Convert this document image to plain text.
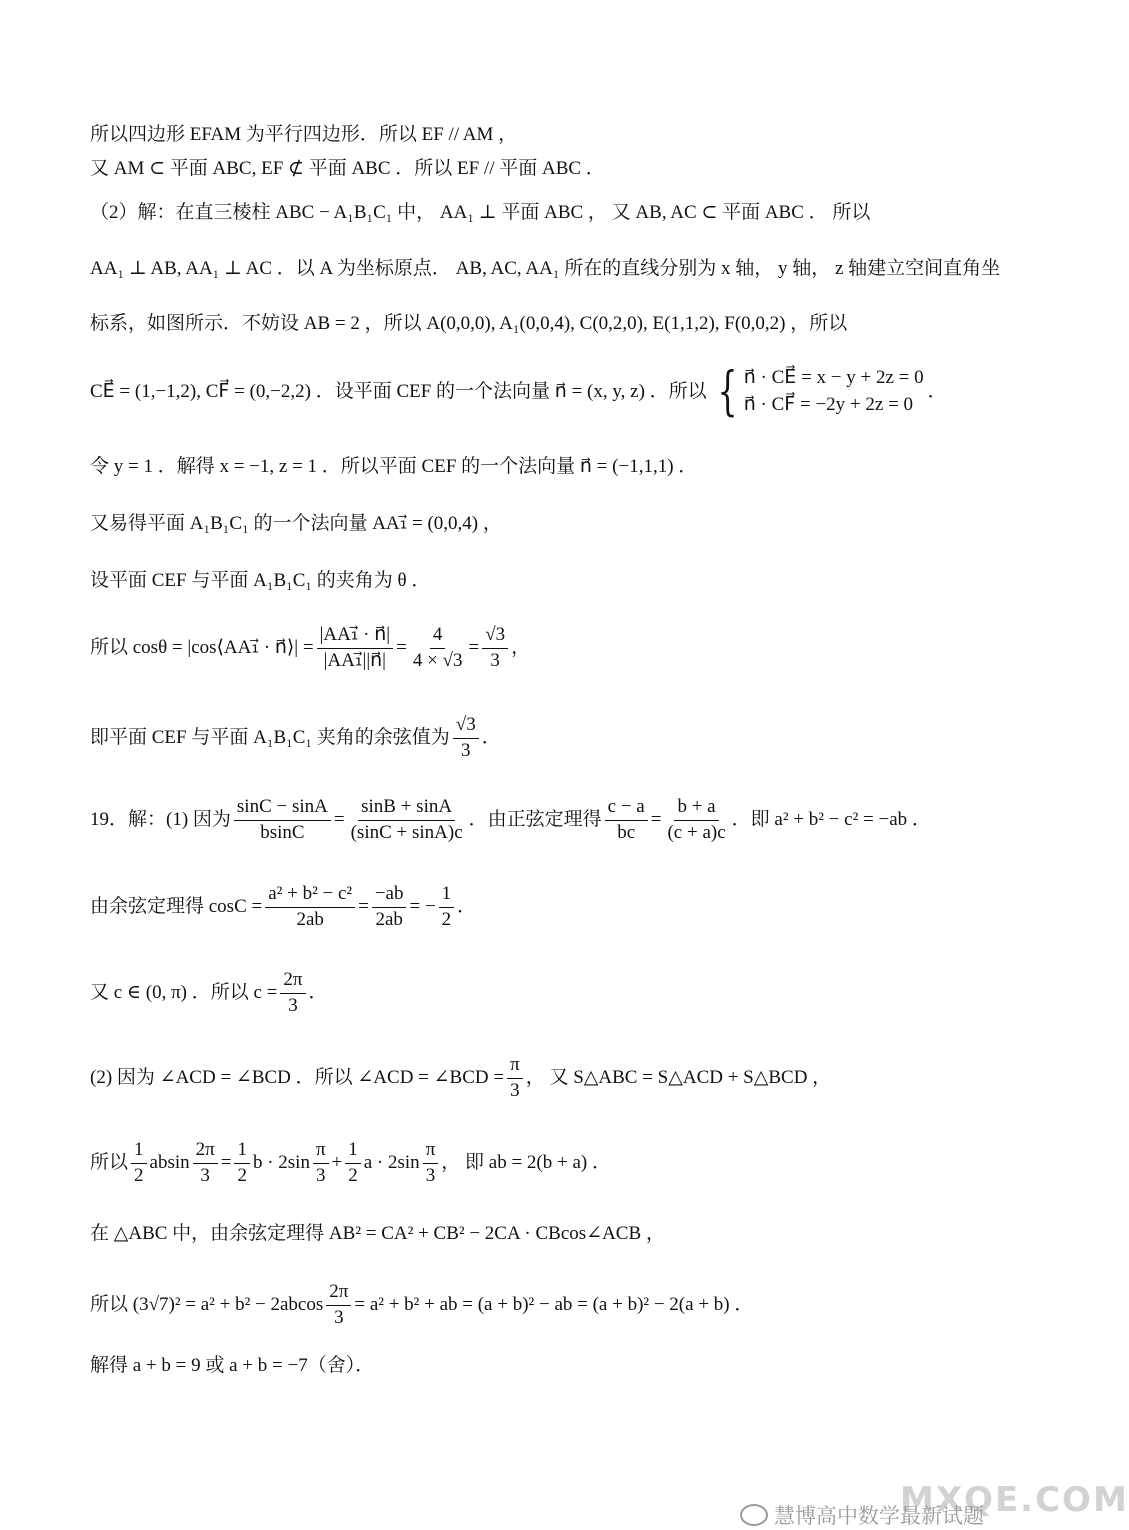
所以四边形 EFAM 为平行四边形．所以 EF // AM ，
又 AM ⊂ 平面 ABC, EF ⊄ 平面 ABC ．所以 EF // 平面 ABC ．
（2）解：在直三棱柱 ABC − A₁B₁C₁ 中， AA₁ ⊥ 平面 ABC ， 又 AB, AC ⊂ 平面 ABC ． 所以
AA₁ ⊥ AB, AA₁ ⊥ AC ．以 A 为坐标原点． AB, AC, AA₁ 所在的直线分别为 x 轴， y 轴， z 轴建立空间直角坐
标系，如图所示．不妨设 AB = 2 ，所以 A(0,0,0), A₁(0,0,4), C(0,2,0), E(1,1,2), F(0,0,2) ，所以
CE⃗ = (1,−1,2), CF⃗ = (0,−2,2) ．设平面 CEF 的一个法向量 n⃗ = (x, y, z) ．所以 { n⃗ · CE⃗ = x − y + 2z = 0
n⃗ · CF⃗ = −2y + 2z = 0
．
令 y = 1 ．解得 x = −1, z = 1 ．所以平面 CEF 的一个法向量 n⃗ = (−1,1,1) ．
又易得平面 A₁B₁C₁ 的一个法向量 AA₁⃗ = (0,0,4) ，
设平面 CEF 与平面 A₁B₁C₁ 的夹角为 θ ．
所以 cosθ = |cos⟨AA₁⃗ · n⃗⟩| = $\frac{\text{|AA₁⃗ · n⃗|}}{\text{|AA₁⃗||n⃗|}} = \frac{4}{4 \times √3} = \frac{√3}{3}$ ，
即平面 CEF 与平面 A₁B₁C₁ 夹角的余弦值为 $\frac{√3}{3}$ ．
19．解：(1) 因为 $\frac{\sin C - \sin A}{bsinC} = \frac{\sin B + \sin A}{(\sin C + \sin A)c}$ ．由正弦定理得 $\frac{c - a}{bc} = \frac{b + a}{(c + a)c}$ ．即 a² + b² − c² = −ab ．
由余弦定理得 $\cos C = \frac{\text{a² + b² − c²}}{2ab} = \frac{-ab}{2ab}$ = − $\frac{1}{2}$ ．
又 c ∈ (0, π) ．所以 $c = \frac{2\pi}{3}$ ．
(2) 因为 ∠ACD = ∠BCD ．所以 ∠ACD = ∠BCD = $\frac{\pi}{3}$ ， 又 S△ABC = S△ACD + S△BCD ，
所以 $\frac{1}{2}$ absin $\frac{2\pi}{3} = \frac{1}{2}$ $b \cdot 2\sin \frac{\pi}{3} + \frac{1}{2}$ $a \cdot 2\sin \frac{\pi}{3}$ ， 即 ab = 2(b + a) ．
在 △ABC 中，由余弦定理得 AB² = CA² + CB² − 2CA · CBcos∠ACB ，
所以 $(3√7)^2 = a^2 + b^2 - 2abcos \frac{2\pi}{3} = a^2 + b^2$ + ab = (a + b)² − ab = (a + b)² − 2(a + b) ．
解得 a + b = 9 或 a + b = −7（舍）．
MXQE.COM
慧博高中数学最新试题
